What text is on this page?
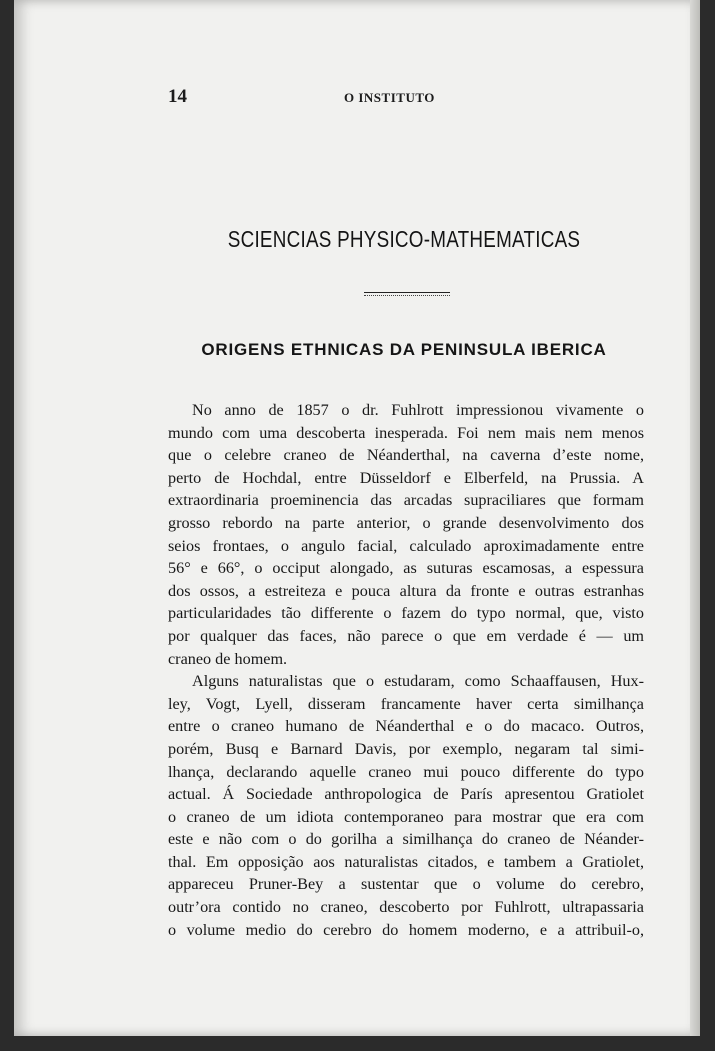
14	O INSTITUTO
SCIENCIAS PHYSICO-MATHEMATICAS
ORIGENS ETHNICAS DA PENINSULA IBERICA
No anno de 1857 o dr. Fuhlrott impressionou vivamente o
mundo com uma descoberta inesperada. Foi nem mais nem menos
que o celebre craneo de Néanderthal, na caverna d’este nome,
perto de Hochdal, entre Düsseldorf e Elberfeld, na Prussia. A
extraordinaria proeminencia das arcadas supraciliares que formam
grosso rebordo na parte anterior, o grande desenvolvimento dos
seios frontaes, o angulo facial, calculado aproximadamente entre
56° e 66°, o occiput alongado, as suturas escamosas, a espessura
dos ossos, a estreiteza e pouca altura da fronte e outras estranhas
particularidades tão differente o fazem do typo normal, que, visto
por qualquer das faces, não parece o que em verdade é — um
craneo de homem.
Alguns naturalistas que o estudaram, como Schaaffausen, Hux-
ley, Vogt, Lyell, disseram francamente haver certa similhança
entre o craneo humano de Néanderthal e o do macaco. Outros,
porém, Busq e Barnard Davis, por exemplo, negaram tal simi-
lhança, declarando aquelle craneo mui pouco differente do typo
actual. Á Sociedade anthropologica de París apresentou Gratiolet
o craneo de um idiota contemporaneo para mostrar que era com
este e não com o do gorilha a similhança do craneo de Néander-
thal. Em opposição aos naturalistas citados, e tambem a Gratiolet,
appareceu Pruner-Bey a sustentar que o volume do cerebro,
outr’ora contido no craneo, descoberto por Fuhlrott, ultrapassaria
o volume medio do cerebro do homem moderno, e a attribuil-o,
